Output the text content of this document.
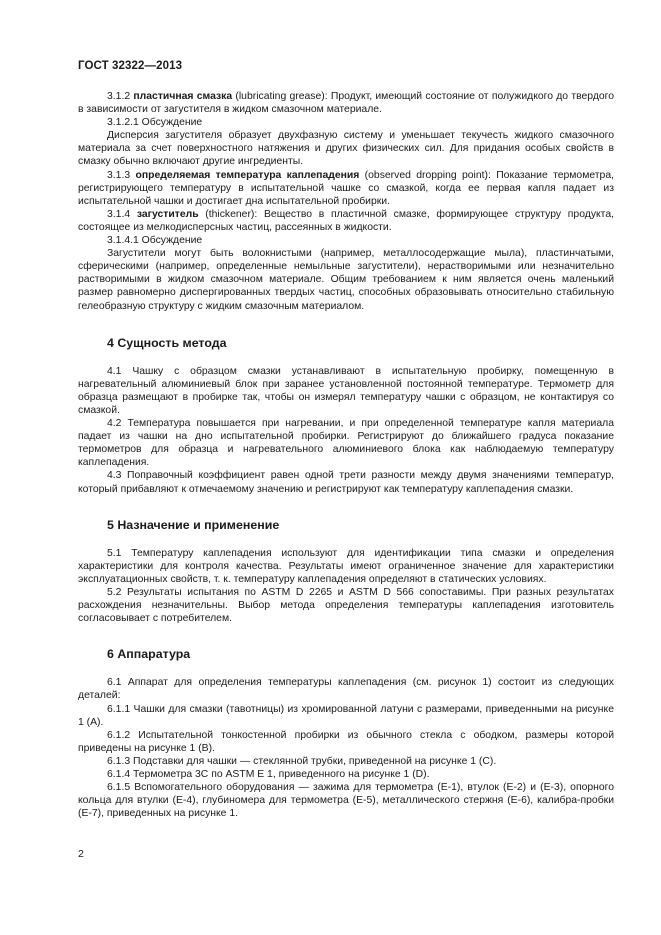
ГОСТ 32322—2013

3.1.2 пластичная смазка (lubricating grease): Продукт, имеющий состояние от полужидкого до твердого в зависимости от загустителя в жидком смазочном материале.

3.1.2.1 Обсуждение

Дисперсия загустителя образует двухфазную систему и уменьшает текучесть жидкого смазочного материала за счет поверхностного натяжения и других физических сил. Для придания особых свойств в смазку обычно включают другие ингредиенты.

3.1.3 определяемая температура каплепадения (observed dropping point): Показание термометра, регистрирующего температуру в испытательной чашке со смазкой, когда ее первая капля падает из испытательной чашки и достигает дна испытательной пробирки.

3.1.4 загуститель (thickener): Вещество в пластичной смазке, формирующее структуру продукта, состоящее из мелкодисперсных частиц, рассеянных в жидкости.

3.1.4.1 Обсуждение

Загустители могут быть волокнистыми (например, металлосодержащие мыла), пластинчатыми, сферическими (например, определенные немыльные загустители), нерастворимыми или незначительно растворимыми в жидком смазочном материале. Общим требованием к ним является очень маленький размер равномерно диспергированных твердых частиц, способных образовывать относительно стабильную гелеобразную структуру с жидким смазочным материалом.

4 Сущность метода

4.1 Чашку с образцом смазки устанавливают в испытательную пробирку, помещенную в нагревательный алюминиевый блок при заранее установленной постоянной температуре. Термометр для образца размещают в пробирке так, чтобы он измерял температуру чашки с образцом, не контактируя со смазкой.

4.2 Температура повышается при нагревании, и при определенной температуре капля материала падает из чашки на дно испытательной пробирки. Регистрируют до ближайшего градуса показание термометров для образца и нагревательного алюминиевого блока как наблюдаемую температуру каплепадения.

4.3 Поправочный коэффициент равен одной трети разности между двумя значениями температур, который прибавляют к отмечаемому значению и регистрируют как температуру каплепадения смазки.

5 Назначение и применение

5.1 Температуру каплепадения используют для идентификации типа смазки и определения характеристики для контроля качества. Результаты имеют ограниченное значение для характеристики эксплуатационных свойств, т. к. температуру каплепадения определяют в статических условиях.

5.2 Результаты испытания по ASTM D 2265 и ASTM D 566 сопоставимы. При разных результатах расхождения незначительны. Выбор метода определения температуры каплепадения изготовитель согласовывает с потребителем.

6 Аппаратура

6.1 Аппарат для определения температуры каплепадения (см. рисунок 1) состоит из следующих деталей:

6.1.1 Чашки для смазки (тавотницы) из хромированной латуни с размерами, приведенными на рисунке 1 (А).

6.1.2 Испытательной тонкостенной пробирки из обычного стекла с ободком, размеры которой приведены на рисунке 1 (В).

6.1.3 Подставки для чашки — стеклянной трубки, приведенной на рисунке 1 (С).

6.1.4 Термометра 3С по ASTM Е 1, приведенного на рисунке 1 (D).

6.1.5 Вспомогательного оборудования — зажима для термометра (Е-1), втулок (Е-2) и (Е-3), опорного кольца для втулки (Е-4), глубиномера для термометра (Е-5), металлического стержня (Е-6), калибра-пробки (Е-7), приведенных на рисунке 1.

2
